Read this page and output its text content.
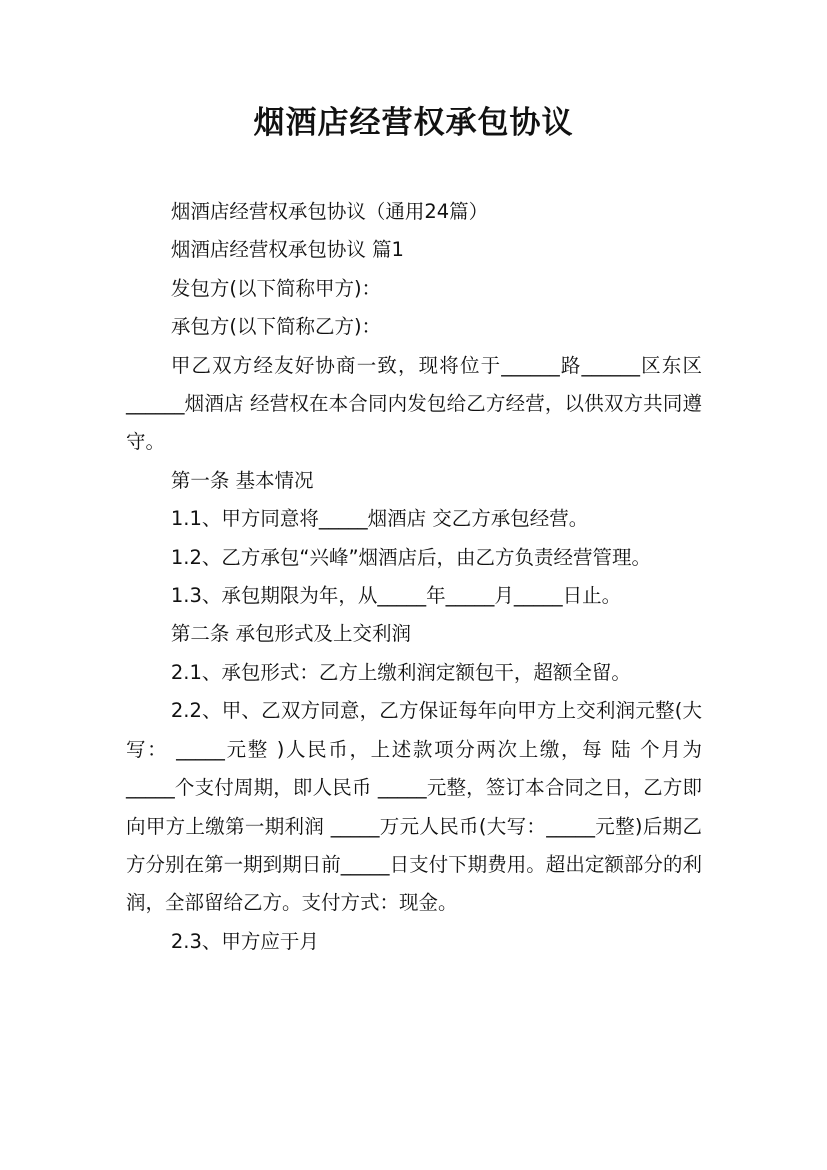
烟酒店经营权承包协议

烟酒店经营权承包协议（通用24篇）

烟酒店经营权承包协议 篇1

发包方(以下简称甲方)：

承包方(以下简称乙方)：

甲乙双方经友好协商一致，现将位于______路______区东区______烟酒店 经营权在本合同内发包给乙方经营，以供双方共同遵守。

第一条 基本情况

1.1、甲方同意将_____烟酒店 交乙方承包经营。

1.2、乙方承包“兴峰”烟酒店后，由乙方负责经营管理。

1.3、承包期限为年，从_____年_____月_____日止。

第二条 承包形式及上交利润

2.1、承包形式：乙方上缴利润定额包干，超额全留。

2.2、甲、乙双方同意，乙方保证每年向甲方上交利润元整(大写： _____元整 )人民币，上述款项分两次上缴，每 陆 个月为_____个支付周期，即人民币 _____元整，签订本合同之日，乙方即向甲方上缴第一期利润 _____万元人民币(大写：_____元整)后期乙方分别在第一期到期日前_____日支付下期费用。超出定额部分的利润，全部留给乙方。支付方式：现金。

2.3、甲方应于月
